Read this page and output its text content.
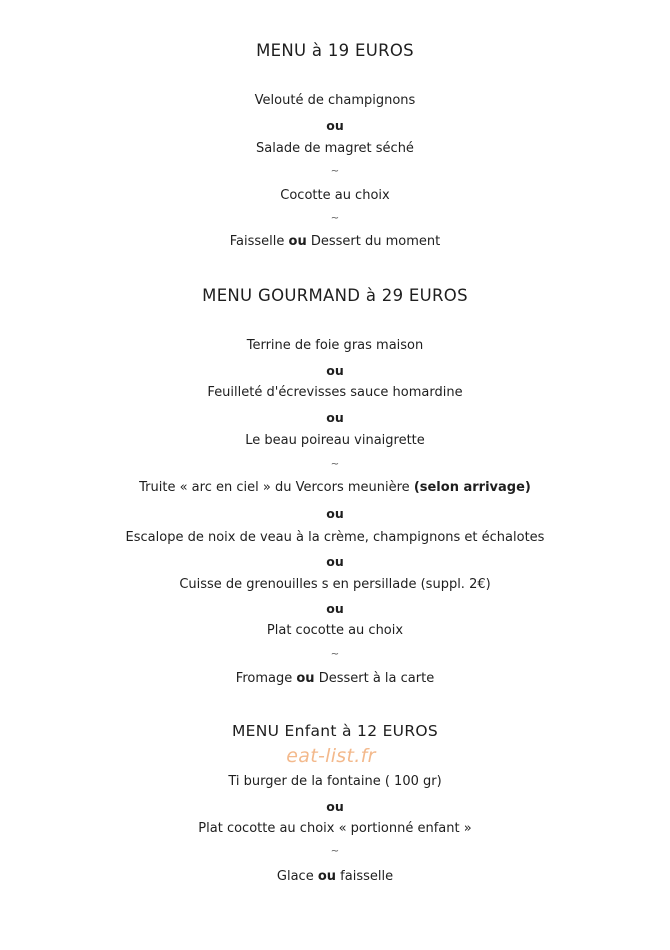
MENU à 19 EUROS
Velouté de champignons
ou
Salade de magret séché
~
Cocotte au choix
~
Faisselle ou Dessert du moment
MENU GOURMAND à 29 EUROS
Terrine de foie gras maison
ou
Feuilleté d'écrevisses sauce homardine
ou
Le beau poireau vinaigrette
~
Truite « arc en ciel » du Vercors meunière (selon arrivage)
ou
Escalope de noix de veau à la crème, champignons et échalotes
ou
Cuisse de grenouilles s en persillade (suppl. 2€)
ou
Plat cocotte au choix
~
Fromage ou Dessert à la carte
MENU Enfant à 12 EUROS
eat-list.fr
Ti burger de la fontaine ( 100 gr)
ou
Plat cocotte au choix « portionné enfant »
~
Glace ou faisselle
